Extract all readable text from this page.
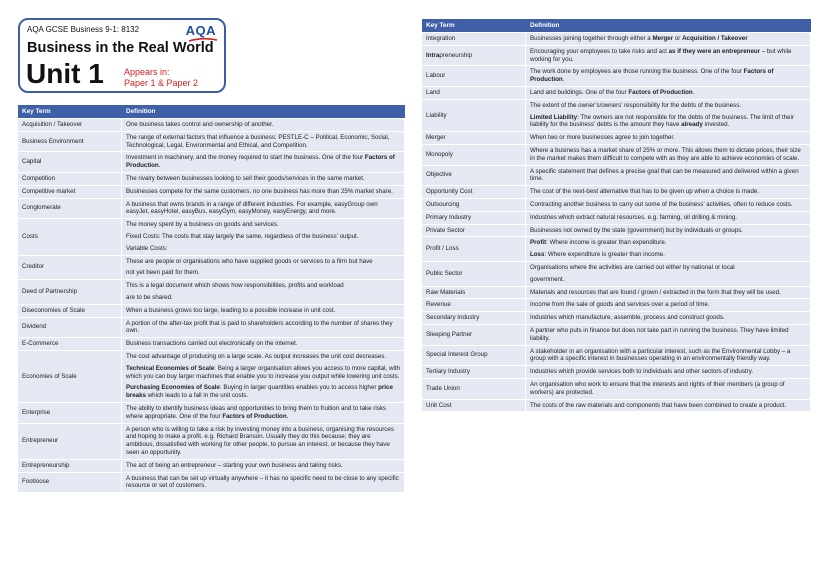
AQA GCSE Business 9-1: 8132	AQA
Business in the Real World
Unit 1 Appears in:
Paper 1 & Paper 2
Key Term	Definition
Acquisition / Takeover	One business takes control and ownership of another.

Business Environment	The range of external factors that influence a business: PESTLE-C – Political, Economic, Social, Technological, Legal, Environmental and Ethical, and Competition.

Capital	Investment in machinery, and the money required to start the business. One of the four Factors of Production.

Competition	The rivalry between businesses looking to sell their goods/services in the same market.

Competitive market	Businesses compete for the same customers, no one business has more than 25% market share.

Conglomerate	A business that owns brands in a range of different industries. For example, easyGroup own easyJet, easyHotel, easyBus, easyGym, easyMoney, easyEnergy, and more.

Costs	The money spent by a business on goods and services.

Fixed Costs: The costs that stay largely the same, regardless of the business’ output.

Variable Costs:

Creditor	These are people or organisations who have supplied goods or services to a firm but have

not yet been paid for them.

Deed of Partnership	This is a legal document which shows how responsibilities, profits and workload

are to be shared.

Diseconomies of Scale	When a business grows too large, leading to a possible increase in unit cost.

Dividend	A portion of the after-tax profit that is paid to shareholders according to the number of shares they own.

E-Commerce	Business transactions carried out electronically on the internet.

Economies of Scale	The cost advantage of producing on a large scale. As output increases the unit cost decreases.

Technical Economies of Scale: Being a larger organisation allows you access to more capital, with which you can buy larger machines that enable you to increase you output while lowering unit costs.

Purchasing Economies of Scale: Buying in larger quantities enables you to access higher price breaks which leads to a fall in the unit costs.

Enterprise	The ability to identify business ideas and opportunities to bring them to fruition and to take risks where appropriate. One of the four Factors of Production.

Entrepreneur	A person who is willing to take a risk by investing money into a business, organising the resources and hoping to make a profit. e.g. Richard Branson. Usually they do this because; they are ambitious, dissatisfied with working for other people, to pursue an interest, or because they have seen an opportunity.

Entrepreneurship	The act of being an entrepreneur – starting your own business and taking risks.

Footloose	A business that can be set up virtually anywhere – it has no specific need to be close to any specific resource or set of customers.

Key Term	Definition
Integration	Businesses joining together through either a Merger or Acquisition / Takeover

Intrapreneurship	Encouraging your employees to take risks and act as if they were an entrepreneur – but while working for you.

Labour	The work done by employees are those running the business. One of the four Factors of Production.

Land	Land and buildings. One of the four Factors of Production.

Liability	The extent of the owner’s/owners’ responsibility for the debts of the business.

Limited Liability: The owners are not responsible for the debts of the business. The limit of their liability for the business’ debts is the amount they have already invested.

Merger	When two or more businesses agree to join together.

Monopoly	Where a business has a market share of 25% or more. This allows them to dictate prices, their size in the market makes them difficult to compete with as they are able to achieve economies of scale.

Objective	A specific statement that defines a precise goal that can be measured and delivered within a given time.

Opportunity Cost	The cost of the next-best alternative that has to be given up when a choice is made.

Outsourcing	Contracting another business to carry out some of the business’ activities, often to reduce costs.

Primary Industry	Industries which extract natural resources. e.g. farming, oil drilling & mining.

Private Sector	Businesses not owned by the state (government) but by individuals or groups.

Profit / Loss	Profit: Where income is greater than expenditure.

Loss: Where expenditure is greater than income.

Public Sector	Organisations where the activities are carried out either by national or local

government.

Raw Materials	Materials and resources that are found / grown / extracted in the form that they will be used.

Revenue	Income from the sale of goods and services over a period of time.

Secondary Industry	Industries which manufacture, assemble, process and construct goods.

Sleeping Partner	A partner who puts in finance but does not take part in running the business. They have limited liability.

Special Interest Group	A stakeholder in an organisation with a particular interest, such as the Environmental Lobby – a group with a specific interest in businesses operating in an environmentally friendly way.

Tertiary Industry	Industries which provide services both to individuals and other sectors of industry.

Trade Union	An organisation who work to ensure that the interests and rights of their members (a group of workers) are protected.

Unit Cost	The costs of the raw materials and components that have been combined to create a product.
